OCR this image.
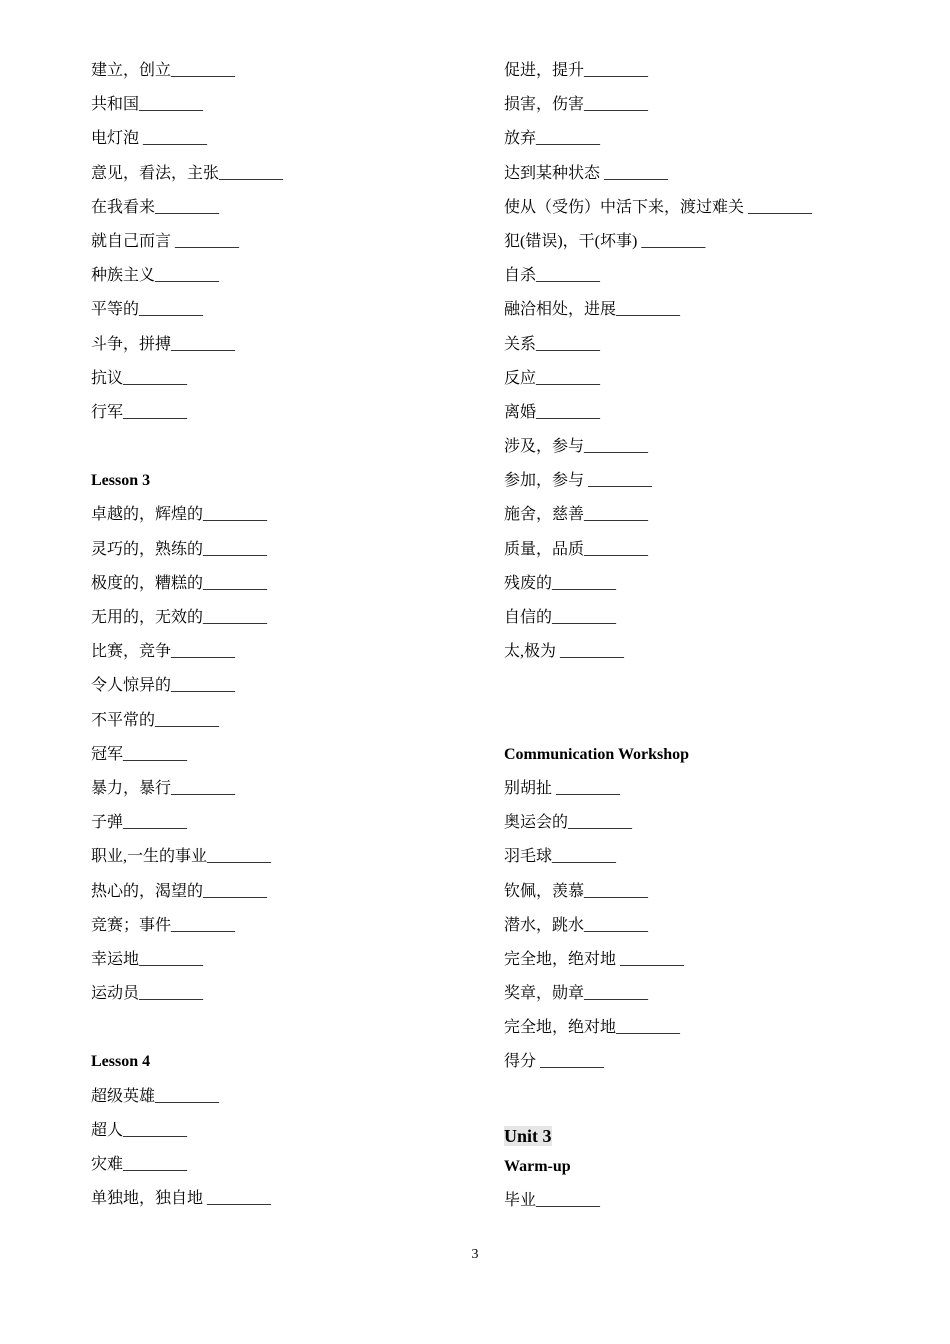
建立，创立________
共和国________
电灯泡 ________
意见，看法，主张________
在我看来________
就自己而言 ________
种族主义________
平等的________
斗争，拼搏________
抗议________
行军________
Lesson 3
卓越的，辉煌的________
灵巧的，熟练的________
极度的，糟糕的________
无用的，无效的________
比赛，竞争________
令人惊异的________
不平常的________
冠军________
暴力，暴行________
子弹________
职业,一生的事业________
热心的，渴望的________
竞赛；事件________
幸运地________
运动员________
Lesson 4
超级英雄________
超人________
灾难________
单独地，独自地 ________
促进，提升________
损害，伤害________
放弃________
达到某种状态 ________
使从（受伤）中活下来，渡过难关 ________
犯(错误)，干(坏事) ________
自杀________
融洽相处，进展________
关系________
反应________
离婚________
涉及，参与________
参加，参与 ________
施舍，慈善________
质量，品质________
残废的________
自信的________
太,极为 ________
Communication Workshop
别胡扯 ________
奥运会的________
羽毛球________
钦佩，羡慕________
潜水，跳水________
完全地，绝对地 ________
奖章，勋章________
完全地，绝对地________
得分 ________
Unit 3
Warm-up
毕业________
3
